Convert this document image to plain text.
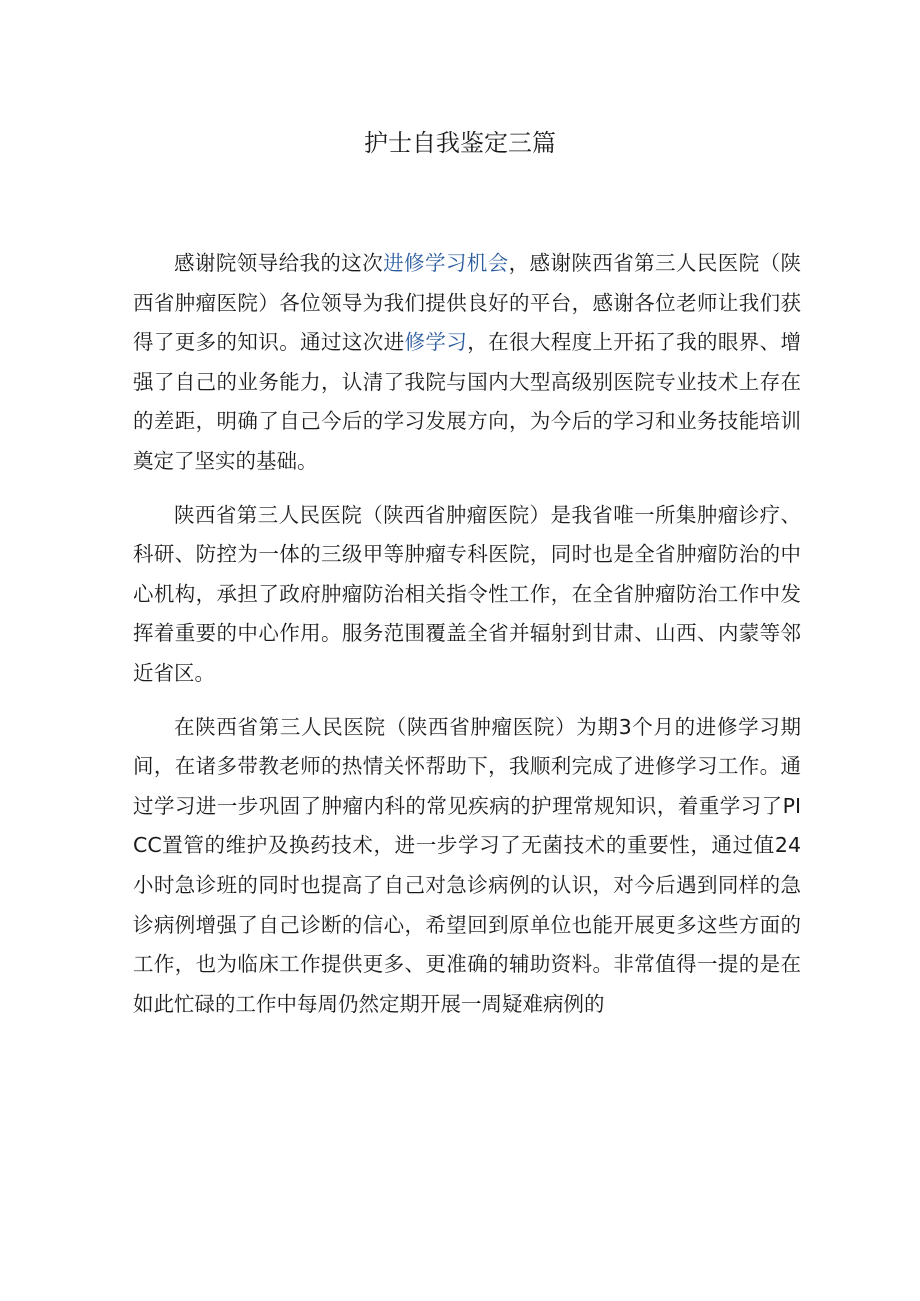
护士自我鉴定三篇

感谢院领导给我的这次进修学习机会，感谢陕西省第三人民医院（陕西省肿瘤医院）各位领导为我们提供良好的平台，感谢各位老师让我们获得了更多的知识。通过这次进修学习，在很大程度上开拓了我的眼界、增强了自己的业务能力，认清了我院与国内大型高级别医院专业技术上存在的差距，明确了自己今后的学习发展方向，为今后的学习和业务技能培训奠定了坚实的基础。

陕西省第三人民医院（陕西省肿瘤医院）是我省唯一所集肿瘤诊疗、科研、防控为一体的三级甲等肿瘤专科医院，同时也是全省肿瘤防治的中心机构，承担了政府肿瘤防治相关指令性工作，在全省肿瘤防治工作中发挥着重要的中心作用。服务范围覆盖全省并辐射到甘肃、山西、内蒙等邻近省区。

在陕西省第三人民医院（陕西省肿瘤医院）为期3个月的进修学习期间，在诸多带教老师的热情关怀帮助下，我顺利完成了进修学习工作。通过学习进一步巩固了肿瘤内科的常见疾病的护理常规知识，着重学习了PICC置管的维护及换药技术，进一步学习了无菌技术的重要性，通过值24小时急诊班的同时也提高了自己对急诊病例的认识，对今后遇到同样的急诊病例增强了自己诊断的信心，希望回到原单位也能开展更多这些方面的工作，也为临床工作提供更多、更准确的辅助资料。非常值得一提的是在如此忙碌的工作中每周仍然定期开展一周疑难病例的
